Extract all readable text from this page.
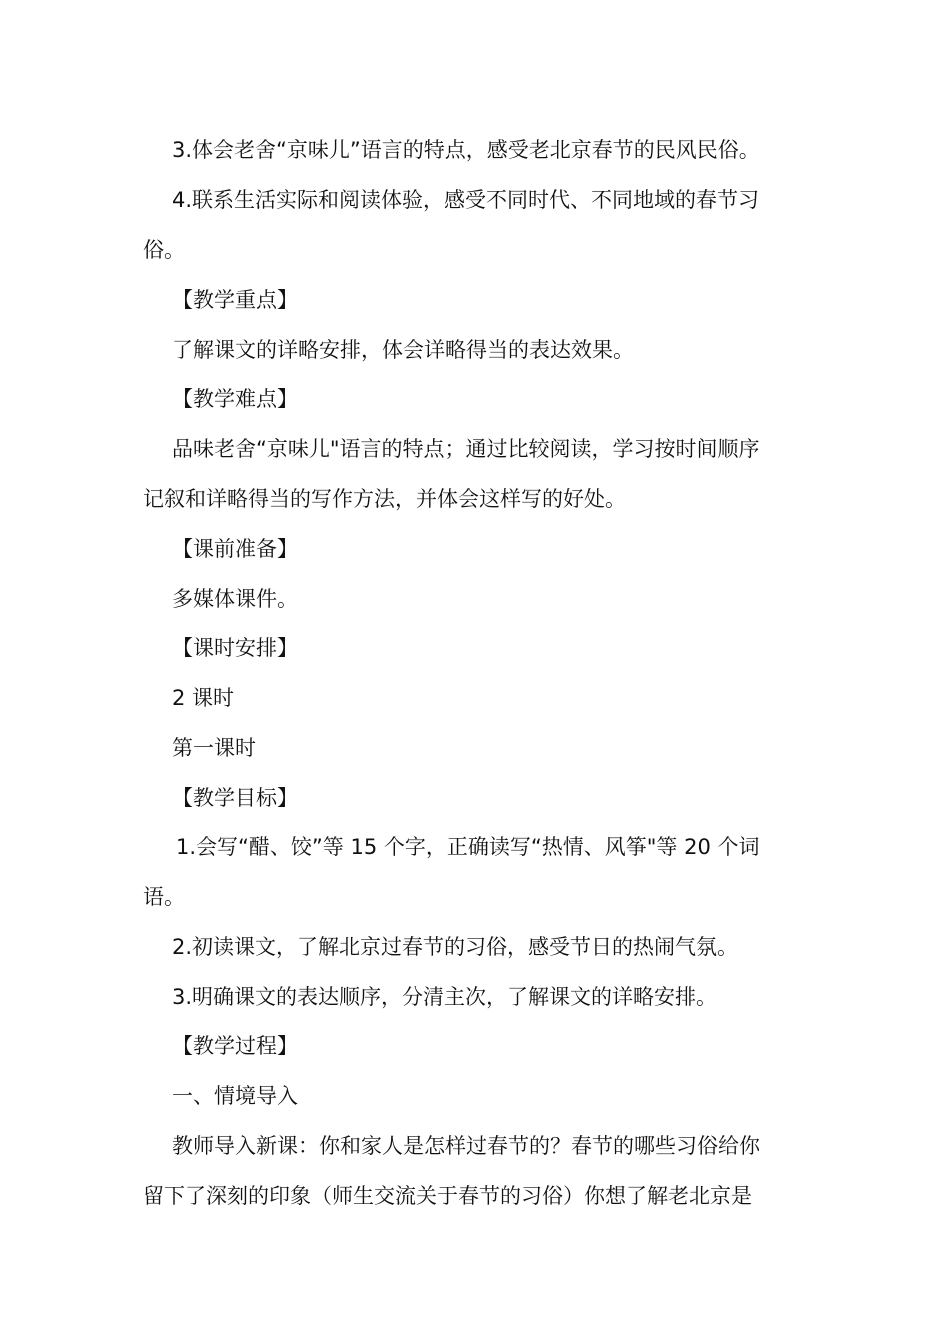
3.体会老舍“京味儿”语言的特点，感受老北京春节的民风民俗。
4.联系生活实际和阅读体验，感受不同时代、不同地域的春节习
俗。
【教学重点】
了解课文的详略安排，体会详略得当的表达效果。
【教学难点】
品味老舍“京味儿"语言的特点；通过比较阅读，学习按时间顺序
记叙和详略得当的写作方法，并体会这样写的好处。
【课前准备】
多媒体课件。
【课时安排】
2 课时
第一课时
【教学目标】
1.会写“醋、饺”等 15 个字，正确读写“热情、风筝"等 20 个词
语。
2.初读课文，了解北京过春节的习俗，感受节日的热闹气氛。
3.明确课文的表达顺序，分清主次，了解课文的详略安排。
【教学过程】
一、情境导入
教师导入新课：你和家人是怎样过春节的？春节的哪些习俗给你
留下了深刻的印象（师生交流关于春节的习俗）你想了解老北京是
